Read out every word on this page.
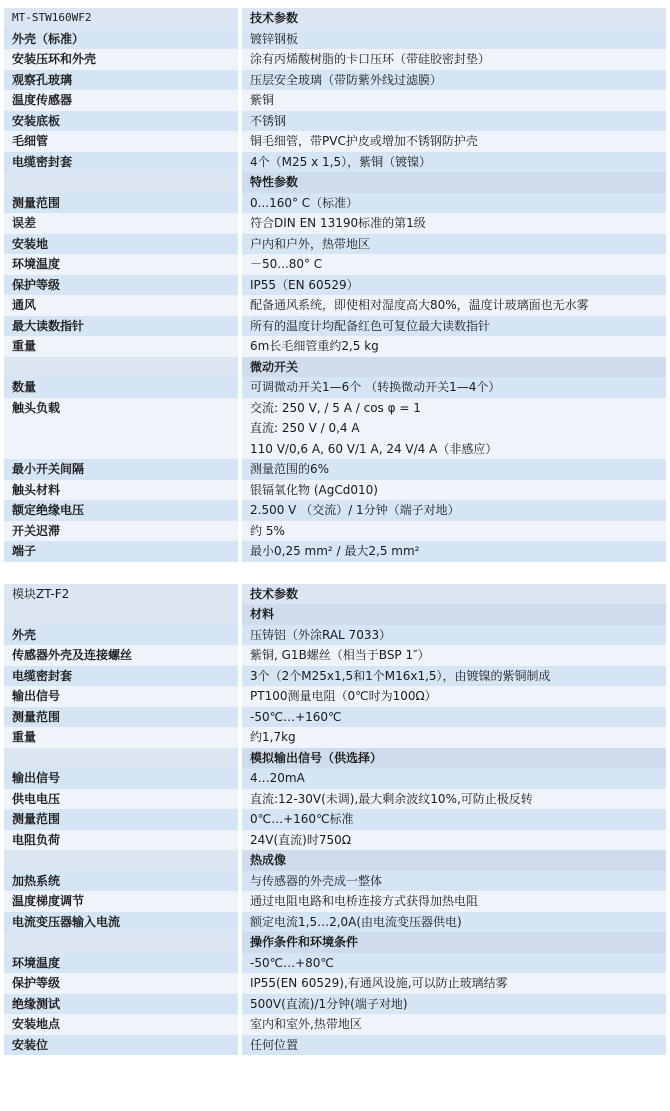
MT-STW160WF2	技术参数
外壳（标准）	镀锌钢板
安装压环和外壳	涂有丙烯酸树脂的卡口压环（带硅胶密封垫）
观察孔玻璃	压层安全玻璃（带防紫外线过滤膜）
温度传感器	紫铜
安装底板	不锈钢
毛细管	铜毛细管，带PVC护皮或增加不锈钢防护壳
电缆密封套	4个（M25 x 1,5），紫铜（镀镍）
	特性参数
测量范围	0...160° C（标准）
误差	符合DIN EN 13190标准的第1级
安装地	户内和户外，热带地区
环境温度	－50...80° C
保护等级	IP55（EN 60529）
通风	配备通风系统，即使相对湿度高大80%，温度计玻璃面也无水雾
最大读数指针	所有的温度计均配备红色可复位最大读数指针
重量	6m长毛细管重约2,5 kg
	微动开关
数量	可调微动开关1—6个 （转换微动开关1—4个）
触头负载	交流: 250 V, / 5 A / cos φ = 1
	直流: 250 V / 0,4 A
	110 V/0,6 A, 60 V/1 A, 24 V/4 A（非感应）
最小开关间隔	测量范围的6%
触头材料	银镉氧化物 (AgCd010)
额定绝缘电压	2.500 V （交流）/ 1分钟（端子对地）
开关迟滞	约 5%
端子	最小0,25 mm² / 最大2,5 mm²
模块ZT-F2	技术参数
	材料
外壳	压铸铝（外涂RAL 7033）
传感器外壳及连接螺丝	紫铜, G1B螺丝（相当于BSP 1″）
电缆密封套	3个（2个M25x1,5和1个M16x1,5），由镀镍的紫铜制成
输出信号	PT100测量电阻（0℃时为100Ω）
测量范围	-50℃…+160℃
重量	约1,7kg
	模拟输出信号（供选择）
输出信号	4…20mA
供电电压	直流:12-30V(未调),最大剩余波纹10%,可防止极反转
测量范围	0℃…+160℃标准
电阻负荷	24V(直流)时750Ω
	热成像
加热系统	与传感器的外壳成一整体
温度梯度调节	通过电阻电路和电桥连接方式获得加热电阻
电流变压器输入电流	额定电流1,5…2,0A(由电流变压器供电)
	操作条件和环境条件
环境温度	-50℃…+80℃
保护等级	IP55(EN 60529),有通风设施,可以防止玻璃结雾
绝缘测试	500V(直流)/1分钟(端子对地)
安装地点	室内和室外,热带地区
安装位	任何位置
